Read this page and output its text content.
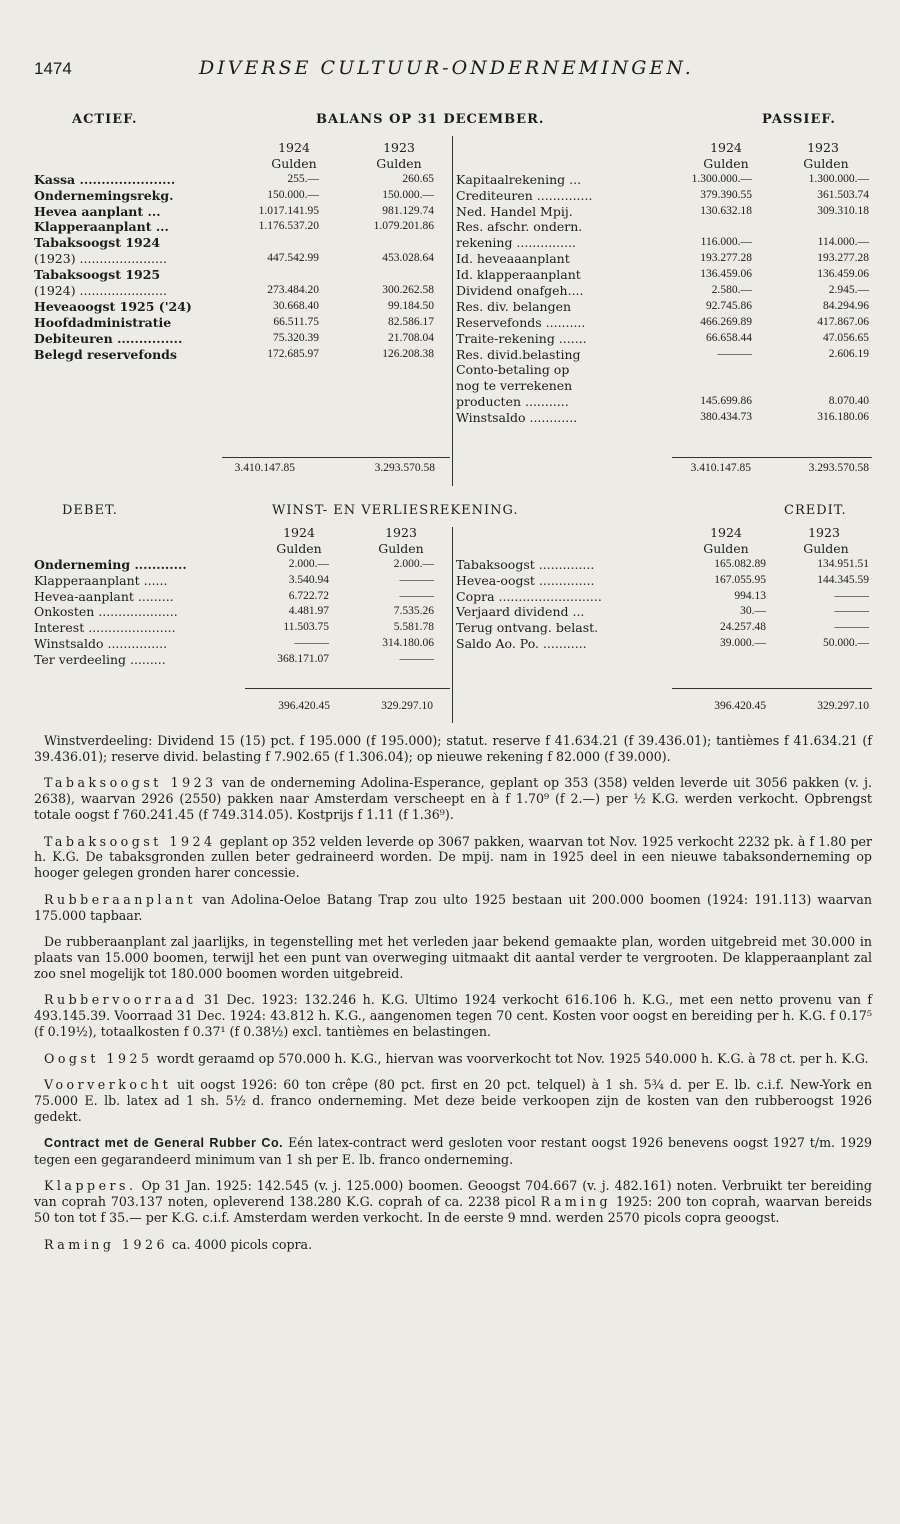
1474	DIVERSE CULTUUR-ONDERNEMINGEN.
ACTIEF.	BALANS OP 31 DECEMBER.	PASSIEF.
1924	1923
Gulden	Gulden
Kassa ......................	255.—	260.65
Ondernemingsrekg.	150.000.—	150.000.—
Hevea aanplant ...	1.017.141.95	981.129.74
Klapperaanplant ...	1.176.537.20	1.079.201.86
Tabaksoogst 1924
(1923) ......................	447.542.99	453.028.64
Tabaksoogst 1925
(1924) ......................	273.484.20	300.262.58
Heveaoogst 1925 ('24)	30.668.40	99.184.50
Hoofdadministratie	66.511.75	82.586.17
Debiteuren ...............	75.320.39	21.708.04
Belegd reservefonds	172.685.97	126.208.38
1924	1923
Gulden	Gulden
Kapitaalrekening ...	1.300.000.—	1.300.000.—
Crediteuren ..............	379.390.55	361.503.74
Ned. Handel Mpij.	130.632.18	309.310.18
Res. afschr. ondern.
rekening ...............	116.000.—	114.000.—
Id. heveaaanplant	193.277.28	193.277.28
Id. klapperaanplant	136.459.06	136.459.06
Dividend onafgeh....	2.580.—	2.945.—
Res. div. belangen	92.745.86	84.294.96
Reservefonds ..........	466.269.89	417.867.06
Traite-rekening .......	66.658.44	47.056.65
Res. divid.belasting	———	2.606.19
Conto-betaling op
nog te verrekenen
producten ...........	145.699.86	8.070.40
Winstsaldo ............	380.434.73	316.180.06
3.410.147.85	3.293.570.58	3.410.147.85	3.293.570.58
DEBET.	WINST- EN VERLIESREKENING.	CREDIT.
1924	1923
Gulden	Gulden
Onderneming ............	2.000.—	2.000.—
Klapperaanplant ......	3.540.94	———
Hevea-aanplant .........	6.722.72	———
Onkosten ....................	4.481.97	7.535.26
Interest ......................	11.503.75	5.581.78
Winstsaldo ...............	———	314.180.06
Ter verdeeling .........	368.171.07	———
1924	1923
Gulden	Gulden
Tabaksoogst ..............	165.082.89	134.951.51
Hevea-oogst ..............	167.055.95	144.345.59
Copra ..........................	994.13	———
Verjaard dividend ...	30.—	———
Terug ontvang. belast.	24.257.48	———
Saldo Ao. Po. ...........	39.000.—	50.000.—
396.420.45	329.297.10	396.420.45	329.297.10

Winstverdeeling: Dividend 15 (15) pct. f 195.000 (f 195.000); statut. reserve f 41.634.21 (f 39.436.01); tantièmes f 41.634.21 (f 39.436.01); reserve divid. belasting f 7.902.65 (f 1.306.04); op nieuwe rekening f 82.000 (f 39.000).

Tabaksoogst 1923 van de onderneming Adolina-Esperance, geplant op 353 (358) velden leverde uit 3056 pakken (v. j. 2638), waarvan 2926 (2550) pakken naar Amsterdam verscheept en à f 1.70⁹ (f 2.—) per ½ K.G. werden verkocht. Opbrengst totale oogst f 760.241.45 (f 749.314.05). Kostprijs f 1.11 (f 1.36⁹).

Tabaksoogst 1924 geplant op 352 velden leverde op 3067 pakken, waarvan tot Nov. 1925 verkocht 2232 pk. à f 1.80 per h. K.G. De tabaksgronden zullen beter gedraineerd worden. De mpij. nam in 1925 deel in een nieuwe tabaksonderneming op hooger gelegen gronden harer concessie.

Rubberaanplant van Adolina-Oeloe Batang Trap zou ulto 1925 bestaan uit 200.000 boomen (1924: 191.113) waarvan 175.000 tapbaar.

De rubberaanplant zal jaarlijks, in tegenstelling met het verleden jaar bekend gemaakte plan, worden uitgebreid met 30.000 in plaats van 15.000 boomen, terwijl het een punt van overweging uitmaakt dit aantal verder te vergrooten. De klapperaanplant zal zoo snel mogelijk tot 180.000 boomen worden uitgebreid.

Rubbervoorraad 31 Dec. 1923: 132.246 h. K.G. Ultimo 1924 verkocht 616.106 h. K.G., met een netto provenu van f 493.145.39. Voorraad 31 Dec. 1924: 43.812 h. K.G., aangenomen tegen 70 cent. Kosten voor oogst en bereiding per h. K.G. f 0.17⁵ (f 0.19½), totaalkosten f 0.37¹ (f 0.38½) excl. tantièmes en belastingen.

Oogst 1925 wordt geraamd op 570.000 h. K.G., hiervan was voorverkocht tot Nov. 1925 540.000 h. K.G. à 78 ct. per h. K.G.

Voorverkocht uit oogst 1926: 60 ton crêpe (80 pct. first en 20 pct. telquel) à 1 sh. 5¾ d. per E. lb. c.i.f. New-York en 75.000 E. lb. latex ad 1 sh. 5½ d. franco onderneming. Met deze beide verkoopen zijn de kosten van den rubberoogst 1926 gedekt.

Contract met de General Rubber Co. Eén latex-contract werd gesloten voor restant oogst 1926 benevens oogst 1927 t/m. 1929 tegen een gegarandeerd minimum van 1 sh per E. lb. franco onderneming.

Klappers. Op 31 Jan. 1925: 142.545 (v. j. 125.000) boomen. Geoogst 704.667 (v. j. 482.161) noten. Verbruikt ter bereiding van coprah 703.137 noten, opleverend 138.280 K.G. coprah of ca. 2238 picol Raming 1925: 200 ton coprah, waarvan bereids 50 ton tot f 35.— per K.G. c.i.f. Amsterdam werden verkocht. In de eerste 9 mnd. werden 2570 picols copra geoogst.

Raming 1926 ca. 4000 picols copra.
